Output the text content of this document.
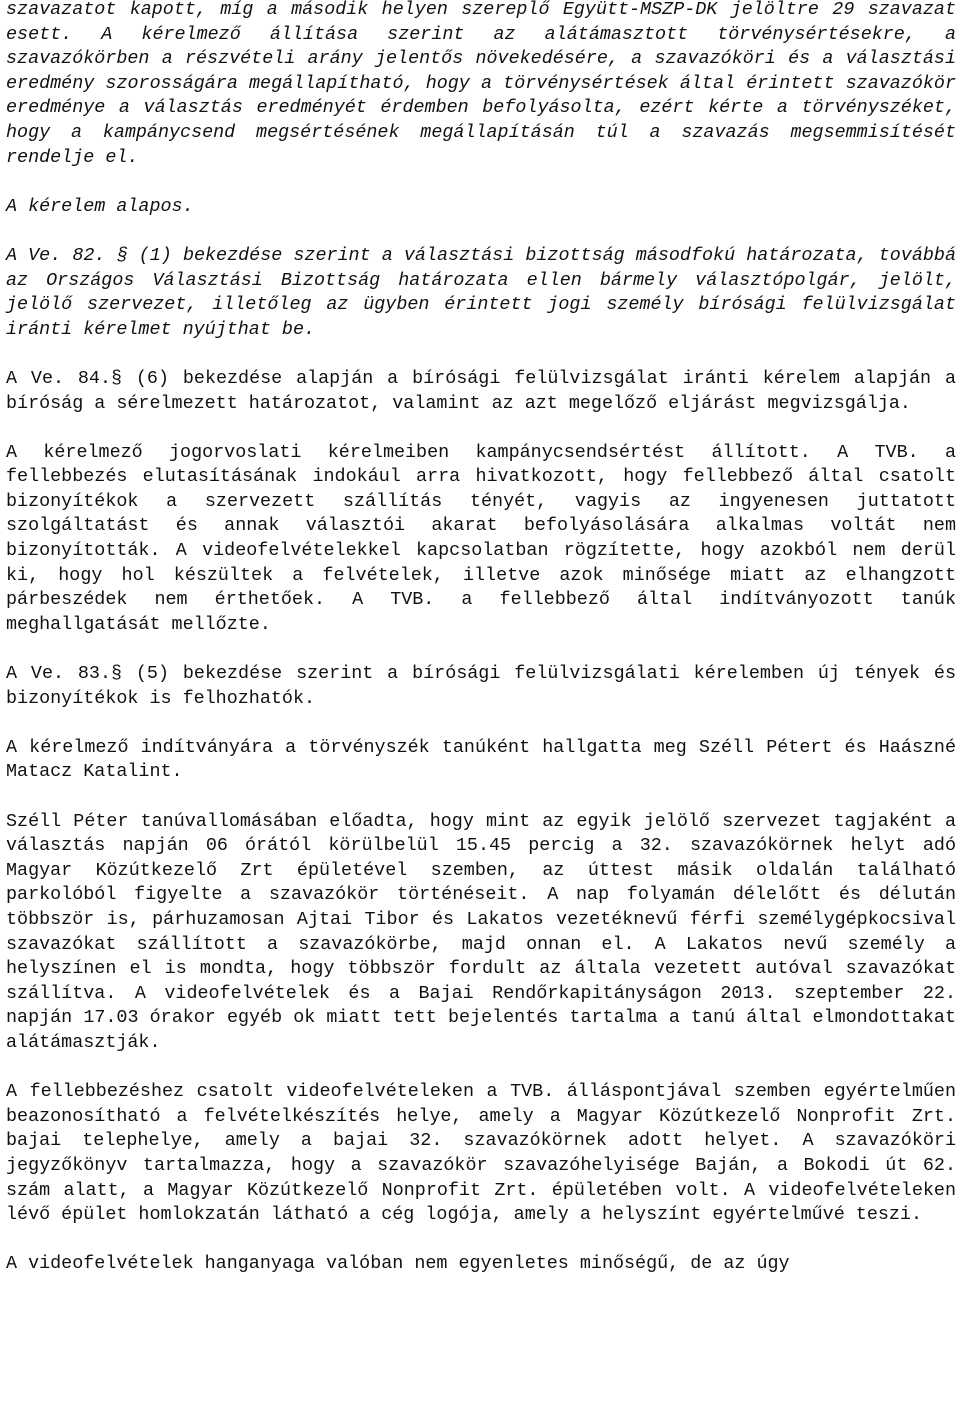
szavazatot kapott, míg a második helyen szereplő Együtt-MSZP-DK jelöltre 29 szavazat esett. A kérelmező állítása szerint az alátámasztott törvénysértésekre, a szavazókörben a részvételi arány jelentős növekedésére, a szavazóköri és a választási eredmény szorosságára megállapítható, hogy a törvénysértések által érintett szavazókör eredménye a választás eredményét érdemben befolyásolta, ezért kérte a törvényszéket, hogy a kampánycsend megsértésének megállapításán túl a szavazás megsemmisítését rendelje el.

A kérelem alapos.

A Ve. 82. § (1) bekezdése szerint a választási bizottság másodfokú határozata, továbbá az Országos Választási Bizottság határozata ellen bármely választópolgár, jelölt, jelölő szervezet, illetőleg az ügyben érintett jogi személy bírósági felülvizsgálat iránti kérelmet nyújthat be.

A Ve. 84.§ (6) bekezdése alapján a bírósági felülvizsgálat iránti kérelem alapján a bíróság a sérelmezett határozatot, valamint az azt megelőző eljárást megvizsgálja.

A kérelmező jogorvoslati kérelmeiben kampánycsendsértést állított. A TVB. a fellebbezés elutasításának indokául arra hivatkozott, hogy fellebbező által csatolt bizonyítékok a szervezett szállítás tényét, vagyis az ingyenesen juttatott szolgáltatást és annak választói akarat befolyásolására alkalmas voltát nem bizonyították. A videofelvételekkel kapcsolatban rögzítette, hogy azokból nem derül ki, hogy hol készültek a felvételek, illetve azok minősége miatt az elhangzott párbeszédek nem érthetőek. A TVB. a fellebbező által indítványozott tanúk meghallgatását mellőzte.

A Ve. 83.§ (5) bekezdése szerint a bírósági felülvizsgálati kérelemben új tények és bizonyítékok is felhozhatók.

A kérelmező indítványára a törvényszék tanúként hallgatta meg Széll Pétert és Haászné Matacz Katalint.

Széll Péter tanúvallomásában előadta, hogy mint az egyik jelölő szervezet tagjaként a választás napján 06 órától körülbelül 15.45 percig a 32. szavazókörnek helyt adó Magyar Közútkezelő Zrt épületével szemben, az úttest másik oldalán található parkolóból figyelte a szavazókör történéseit. A nap folyamán délelőtt és délután többször is, párhuzamosan Ajtai Tibor és Lakatos vezetéknevű férfi személygépkocsival szavazókat szállított a szavazókörbe, majd onnan el. A Lakatos nevű személy a helyszínen el is mondta, hogy többször fordult az általa vezetett autóval szavazókat szállítva. A videofelvételek és a Bajai Rendőrkapitányságon 2013. szeptember 22. napján 17.03 órakor egyéb ok miatt tett bejelentés tartalma a tanú által elmondottakat alátámasztják.

A fellebbezéshez csatolt videofelvételeken a TVB. álláspontjával szemben egyértelműen beazonosítható a felvételkészítés helye, amely a Magyar Közútkezelő Nonprofit Zrt. bajai telephelye, amely a bajai 32. szavazókörnek adott helyet. A szavazóköri jegyzőkönyv tartalmazza, hogy a szavazókör szavazóhelyisége Baján, a Bokodi út 62. szám alatt, a Magyar Közútkezelő Nonprofit Zrt. épületében volt. A videofelvételeken lévő épület homlokzatán látható a cég logója, amely a helyszínt egyértelművé teszi.

A videofelvételek hanganyaga valóban nem egyenletes minőségű, de az úgy
